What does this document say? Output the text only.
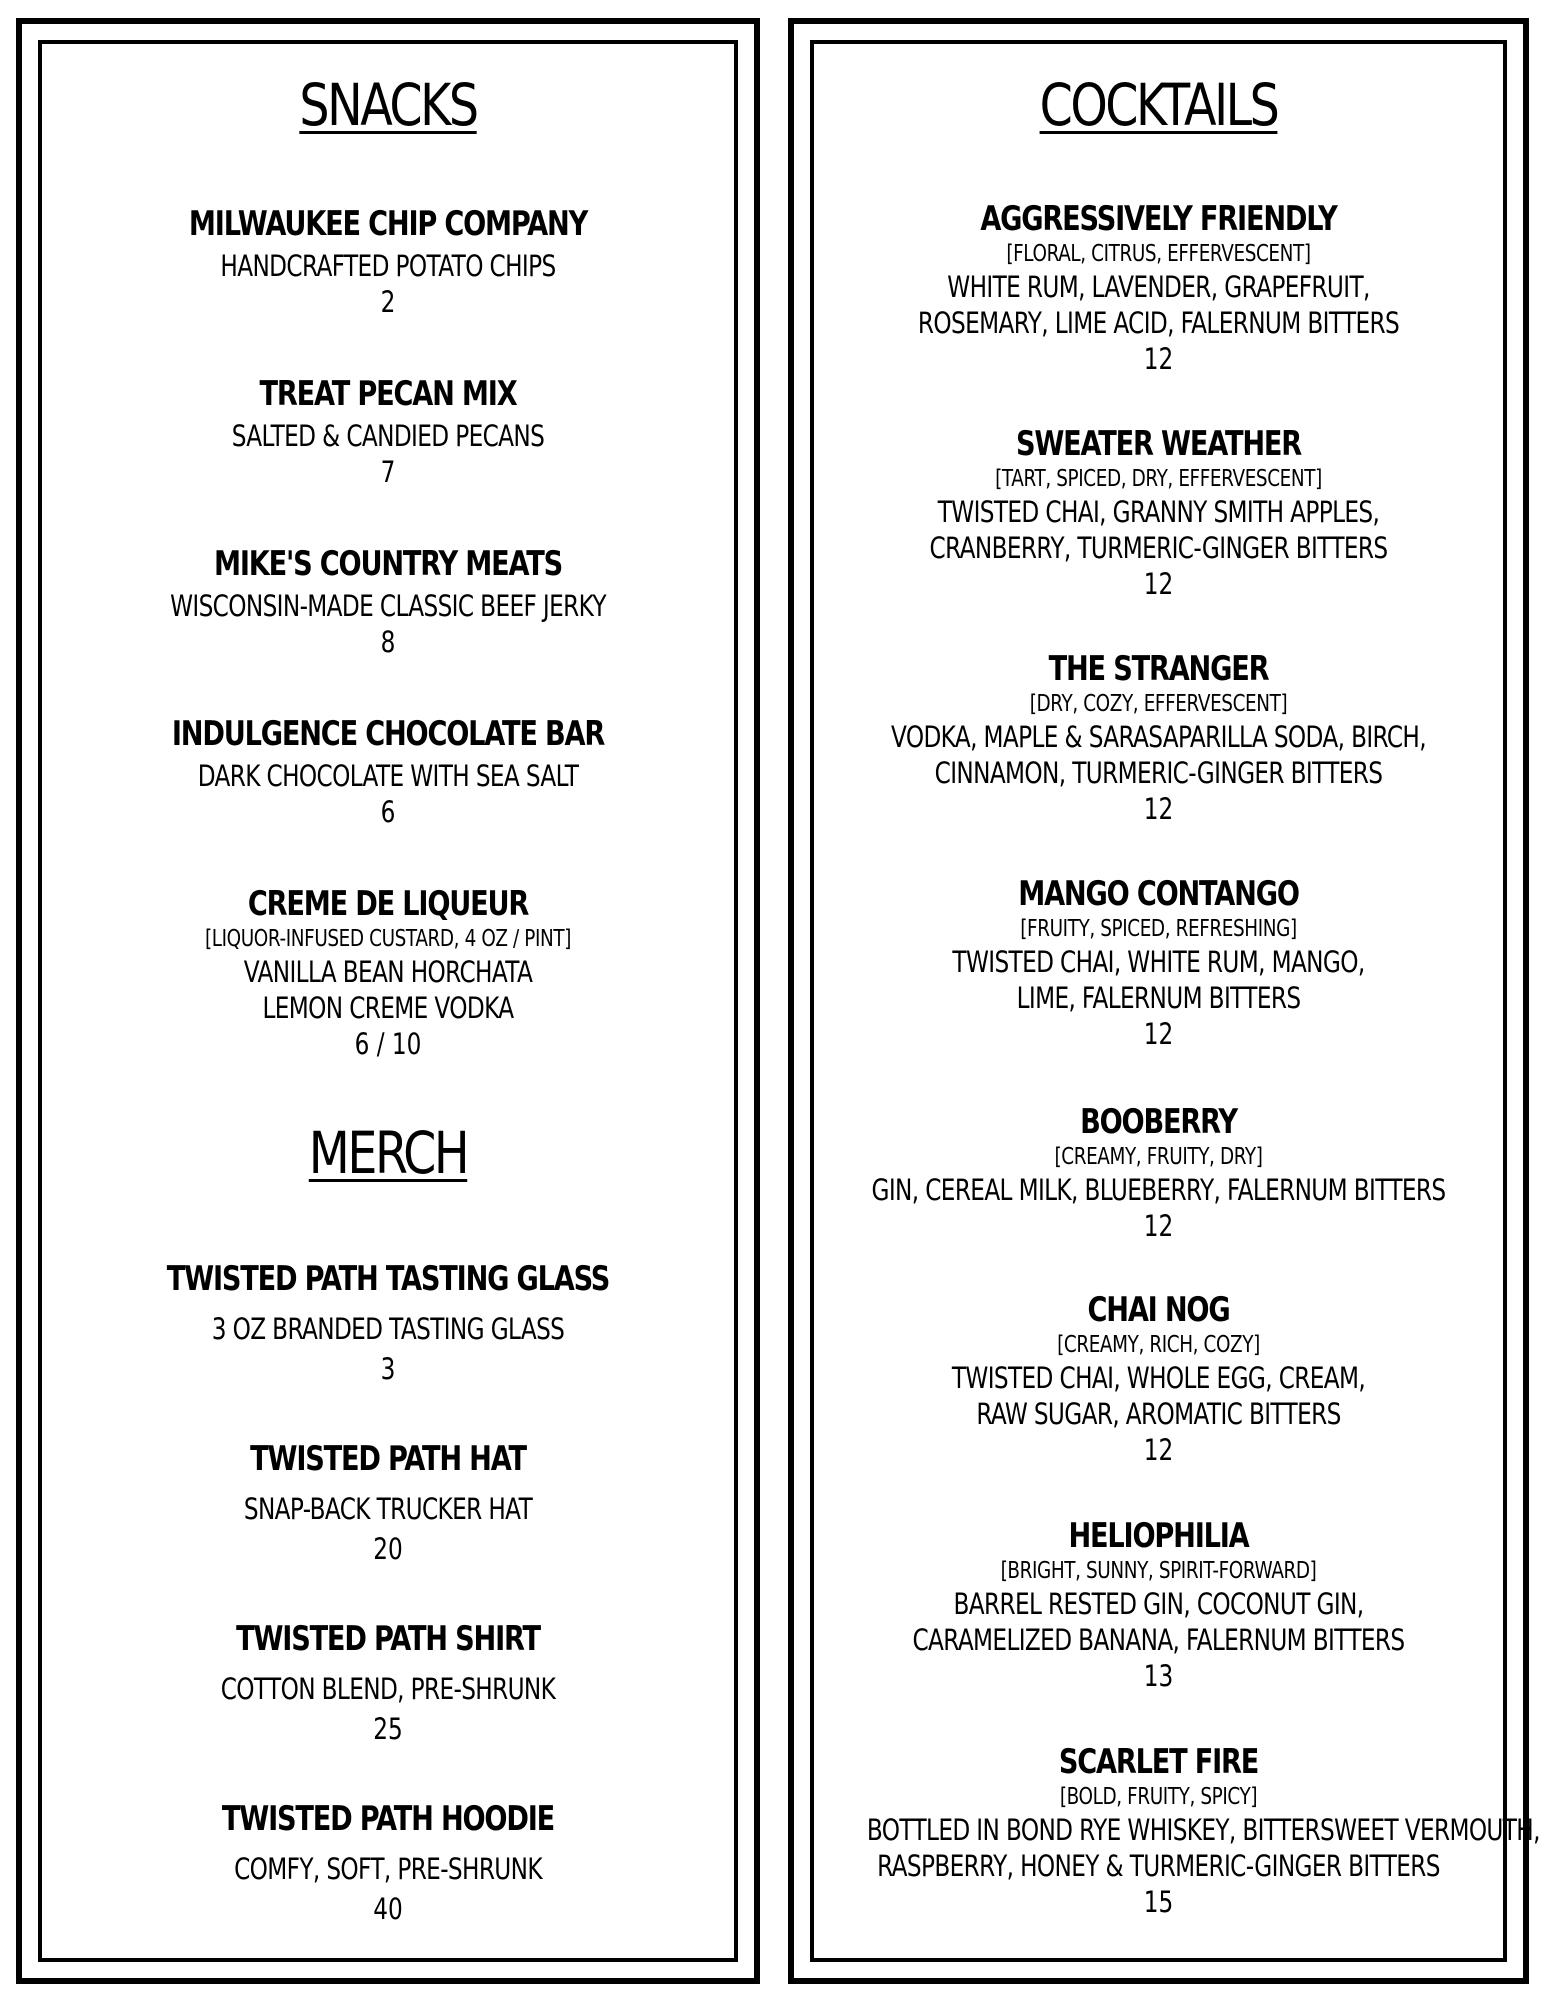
SNACKS
MILWAUKEE CHIP COMPANY
HANDCRAFTED POTATO CHIPS
2
TREAT PECAN MIX
SALTED & CANDIED PECANS
7
MIKE'S COUNTRY MEATS
WISCONSIN-MADE CLASSIC BEEF JERKY
8
INDULGENCE CHOCOLATE BAR
DARK CHOCOLATE WITH SEA SALT
6
CREME DE LIQUEUR
[LIQUOR-INFUSED CUSTARD, 4 OZ / PINT]
VANILLA BEAN HORCHATA
LEMON CREME VODKA
6 / 10
MERCH
TWISTED PATH TASTING GLASS
3 OZ BRANDED TASTING GLASS
3
TWISTED PATH HAT
SNAP-BACK TRUCKER HAT
20
TWISTED PATH SHIRT
COTTON BLEND, PRE-SHRUNK
25
TWISTED PATH HOODIE
COMFY, SOFT, PRE-SHRUNK
40
COCKTAILS
AGGRESSIVELY FRIENDLY
[FLORAL, CITRUS, EFFERVESCENT]
WHITE RUM, LAVENDER, GRAPEFRUIT,
ROSEMARY, LIME ACID, FALERNUM BITTERS
12
SWEATER WEATHER
[TART, SPICED, DRY, EFFERVESCENT]
TWISTED CHAI, GRANNY SMITH APPLES,
CRANBERRY, TURMERIC-GINGER BITTERS
12
THE STRANGER
[DRY, COZY, EFFERVESCENT]
VODKA, MAPLE & SARASAPARILLA SODA, BIRCH,
CINNAMON, TURMERIC-GINGER BITTERS
12
MANGO CONTANGO
[FRUITY, SPICED, REFRESHING]
TWISTED CHAI, WHITE RUM, MANGO,
LIME, FALERNUM BITTERS
12
BOOBERRY
[CREAMY, FRUITY, DRY]
GIN, CEREAL MILK, BLUEBERRY, FALERNUM BITTERS
12
CHAI NOG
[CREAMY, RICH, COZY]
TWISTED CHAI, WHOLE EGG, CREAM,
RAW SUGAR, AROMATIC BITTERS
12
HELIOPHILIA
[BRIGHT, SUNNY, SPIRIT-FORWARD]
BARREL RESTED GIN, COCONUT GIN,
CARAMELIZED BANANA, FALERNUM BITTERS
13
SCARLET FIRE
[BOLD, FRUITY, SPICY]
BOTTLED IN BOND RYE WHISKEY, BITTERSWEET VERMOUTH,
RASPBERRY, HONEY & TURMERIC-GINGER BITTERS
15
